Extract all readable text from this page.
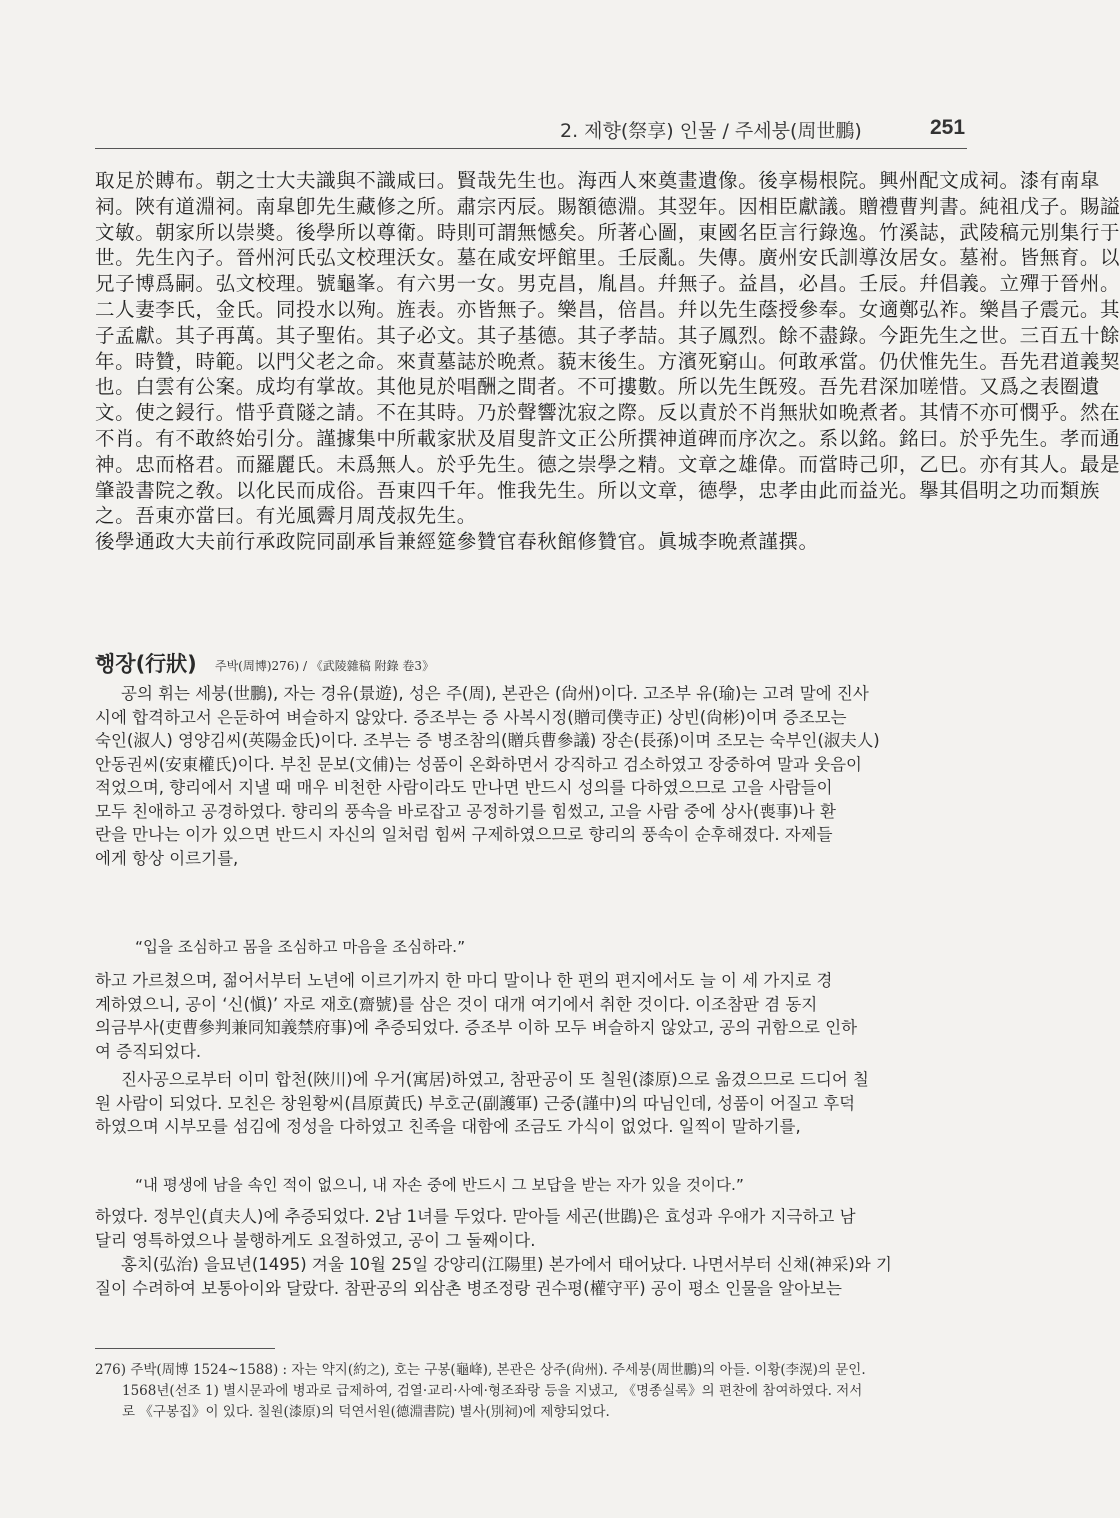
2. 제향(祭享) 인물 / 주세붕(周世鵬)	251
取足於賻布。朝之士大夫識與不識咸曰。賢哉先生也。海西人來奠畫遺像。後享楊根院。興州配文成祠。漆有南皐
祠。陜有道淵祠。南皐卽先生藏修之所。肅宗丙辰。賜額德淵。其翌年。因相臣獻議。贈禮曹判書。純祖戊子。賜謚
文敏。朝家所以崇奬。後學所以尊衛。時則可謂無憾矣。所著心圖，東國名臣言行錄逸。竹溪誌，武陵稿元別集行于
世。先生內子。晉州河氏弘文校理沃女。墓在咸安坪館里。壬辰亂。失傳。廣州安氏訓導汝居女。墓祔。皆無育。以
兄子博爲嗣。弘文校理。號龜峯。有六男一女。男克昌，胤昌。幷無子。益昌，必昌。壬辰。幷倡義。立殫于晉州。
二人妻李氏，金氏。同投水以殉。旌表。亦皆無子。樂昌，倍昌。幷以先生蔭授參奉。女適鄭弘祚。樂昌子震元。其
子孟獻。其子再萬。其子聖佑。其子必文。其子基德。其子孝喆。其子鳳烈。餘不盡錄。今距先生之世。三百五十餘
年。時贊，時範。以門父老之命。來責墓誌於晩煮。藐末後生。方濱死窮山。何敢承當。仍伏惟先生。吾先君道義契
也。白雲有公案。成均有掌故。其他見於唱酬之間者。不可摟數。所以先生旣歿。吾先君深加嗟惜。又爲之表圈遺
文。使之鋟行。惜乎賁隧之請。不在其時。乃於聲響沈寂之際。反以責於不肖無狀如晩煮者。其情不亦可憫乎。然在
不肖。有不敢終始引分。謹據集中所載家狀及眉叟許文正公所撰神道碑而序次之。系以銘。銘曰。於乎先生。孝而通
神。忠而格君。而羅麗氏。未爲無人。於乎先生。德之崇學之精。文章之雄偉。而當時己卯，乙巳。亦有其人。最是
肇設書院之敎。以化民而成俗。吾東四千年。惟我先生。所以文章，德學，忠孝由此而益光。擧其倡明之功而類族
之。吾東亦當曰。有光風霽月周茂叔先生。
後學通政大夫前行承政院同副承旨兼經筵參贊官春秋館修贊官。眞城李晩煮謹撰。
행장(行狀) 주박(周博)276) / 《武陵雜稿 附錄 卷3》
공의 휘는 세붕(世鵬), 자는 경유(景遊), 성은 주(周), 본관은 (尙州)이다. 고조부 유(瑜)는 고려 말에 진사
시에 합격하고서 은둔하여 벼슬하지 않았다. 증조부는 증 사복시정(贈司僕寺正) 상빈(尙彬)이며 증조모는
숙인(淑人) 영양김씨(英陽金氏)이다. 조부는 증 병조참의(贈兵曹參議) 장손(長孫)이며 조모는 숙부인(淑夫人)
안동권씨(安東權氏)이다. 부친 문보(文俌)는 성품이 온화하면서 강직하고 검소하였고 장중하여 말과 웃음이
적었으며, 향리에서 지낼 때 매우 비천한 사람이라도 만나면 반드시 성의를 다하였으므로 고을 사람들이
모두 친애하고 공경하였다. 향리의 풍속을 바로잡고 공정하기를 힘썼고, 고을 사람 중에 상사(喪事)나 환
란을 만나는 이가 있으면 반드시 자신의 일처럼 힘써 구제하였으므로 향리의 풍속이 순후해졌다. 자제들
에게 항상 이르기를,
“입을 조심하고 몸을 조심하고 마음을 조심하라.”
하고 가르쳤으며, 젊어서부터 노년에 이르기까지 한 마디 말이나 한 편의 편지에서도 늘 이 세 가지로 경
계하였으니, 공이 ‘신(愼)’ 자로 재호(齋號)를 삼은 것이 대개 여기에서 취한 것이다. 이조참판 겸 동지
의금부사(吏曹參判兼同知義禁府事)에 추증되었다. 증조부 이하 모두 벼슬하지 않았고, 공의 귀함으로 인하
여 증직되었다.
진사공으로부터 이미 합천(陜川)에 우거(寓居)하였고, 참판공이 또 칠원(漆原)으로 옮겼으므로 드디어 칠
원 사람이 되었다. 모친은 창원황씨(昌原黃氏) 부호군(副護軍) 근중(謹中)의 따님인데, 성품이 어질고 후덕
하였으며 시부모를 섬김에 정성을 다하였고 친족을 대함에 조금도 가식이 없었다. 일찍이 말하기를,
“내 평생에 남을 속인 적이 없으니, 내 자손 중에 반드시 그 보답을 받는 자가 있을 것이다.”
하였다. 정부인(貞夫人)에 추증되었다. 2남 1녀를 두었다. 맏아들 세곤(世鵾)은 효성과 우애가 지극하고 남
달리 영특하였으나 불행하게도 요절하였고, 공이 그 둘째이다.
홍치(弘治) 을묘년(1495) 겨울 10월 25일 강양리(江陽里) 본가에서 태어났다. 나면서부터 신채(神采)와 기
질이 수려하여 보통아이와 달랐다. 참판공의 외삼촌 병조정랑 권수평(權守平) 공이 평소 인물을 알아보는
276) 주박(周博 1524~1588) : 자는 약지(約之), 호는 구봉(龜峰), 본관은 상주(尙州). 주세붕(周世鵬)의 아들. 이황(李滉)의 문인.
1568년(선조 1) 별시문과에 병과로 급제하여, 검열·교리·사예·형조좌랑 등을 지냈고, 《명종실록》의 편찬에 참여하였다. 저서
로 《구봉집》이 있다. 칠원(漆原)의 덕연서원(德淵書院) 별사(別祠)에 제향되었다.
